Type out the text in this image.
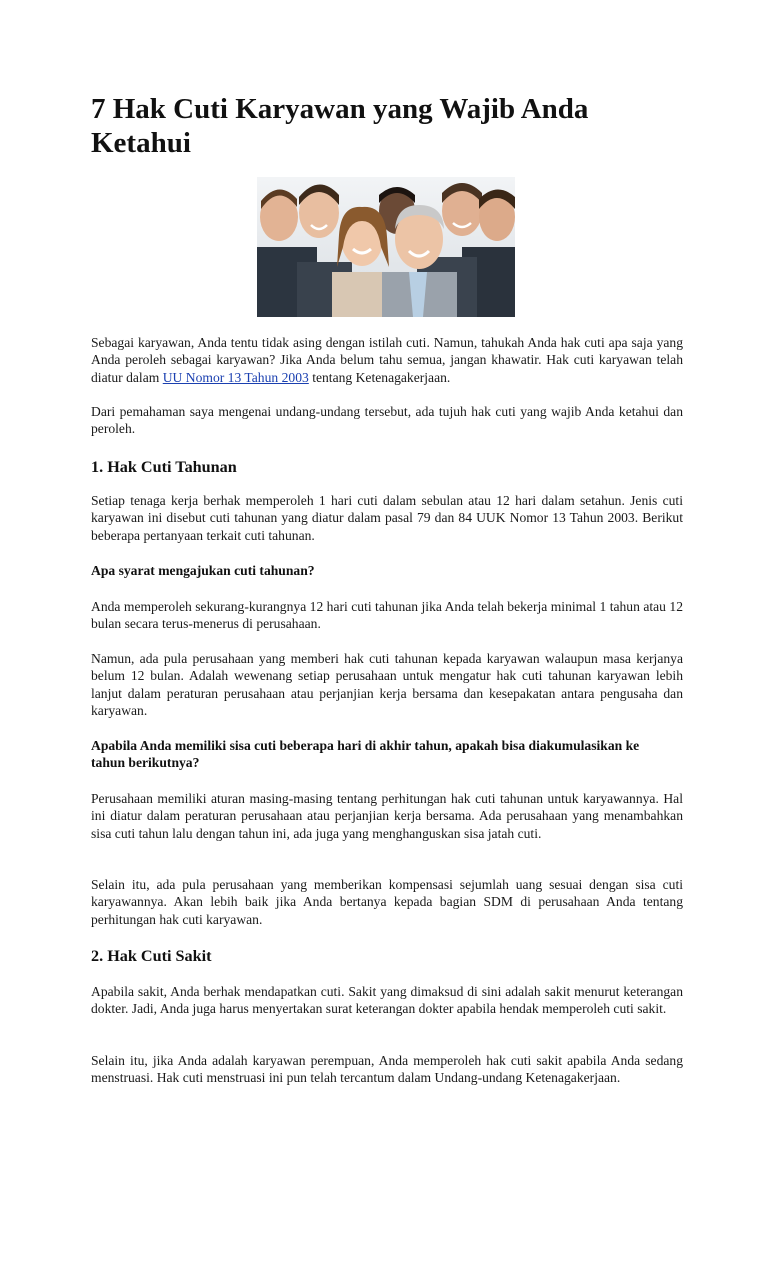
7 Hak Cuti Karyawan yang Wajib Anda Ketahui

Sebagai karyawan, Anda tentu tidak asing dengan istilah cuti. Namun, tahukah Anda hak cuti apa saja yang Anda peroleh sebagai karyawan? Jika Anda belum tahu semua, jangan khawatir. Hak cuti karyawan telah diatur dalam UU Nomor 13 Tahun 2003 tentang Ketenagakerjaan.

Dari pemahaman saya mengenai undang-undang tersebut, ada tujuh hak cuti yang wajib Anda ketahui dan peroleh.

1. Hak Cuti Tahunan

Setiap tenaga kerja berhak memperoleh 1 hari cuti dalam sebulan atau 12 hari dalam setahun. Jenis cuti karyawan ini disebut cuti tahunan yang diatur dalam pasal 79 dan 84 UUK Nomor 13 Tahun 2003. Berikut beberapa pertanyaan terkait cuti tahunan.

Apa syarat mengajukan cuti tahunan?

Anda memperoleh sekurang-kurangnya 12 hari cuti tahunan jika Anda telah bekerja minimal 1 tahun atau 12 bulan secara terus-menerus di perusahaan.

Namun, ada pula perusahaan yang memberi hak cuti tahunan kepada karyawan walaupun masa kerjanya belum 12 bulan. Adalah wewenang setiap perusahaan untuk mengatur hak cuti tahunan karyawan lebih lanjut dalam peraturan perusahaan atau perjanjian kerja bersama dan kesepakatan antara pengusaha dan karyawan.

Apabila Anda memiliki sisa cuti beberapa hari di akhir tahun, apakah bisa diakumulasikan ke tahun berikutnya?

Perusahaan memiliki aturan masing-masing tentang perhitungan hak cuti tahunan untuk karyawannya. Hal ini diatur dalam peraturan perusahaan atau perjanjian kerja bersama. Ada perusahaan yang menambahkan sisa cuti tahun lalu dengan tahun ini, ada juga yang menghanguskan sisa jatah cuti.

Selain itu, ada pula perusahaan yang memberikan kompensasi sejumlah uang sesuai dengan sisa cuti karyawannya. Akan lebih baik jika Anda bertanya kepada bagian SDM di perusahaan Anda tentang perhitungan hak cuti karyawan.

2. Hak Cuti Sakit

Apabila sakit, Anda berhak mendapatkan cuti. Sakit yang dimaksud di sini adalah sakit menurut keterangan dokter. Jadi, Anda juga harus menyertakan surat keterangan dokter apabila hendak memperoleh cuti sakit.

Selain itu, jika Anda adalah karyawan perempuan, Anda memperoleh hak cuti sakit apabila Anda sedang menstruasi. Hak cuti menstruasi ini pun telah tercantum dalam Undang-undang Ketenagakerjaan.
